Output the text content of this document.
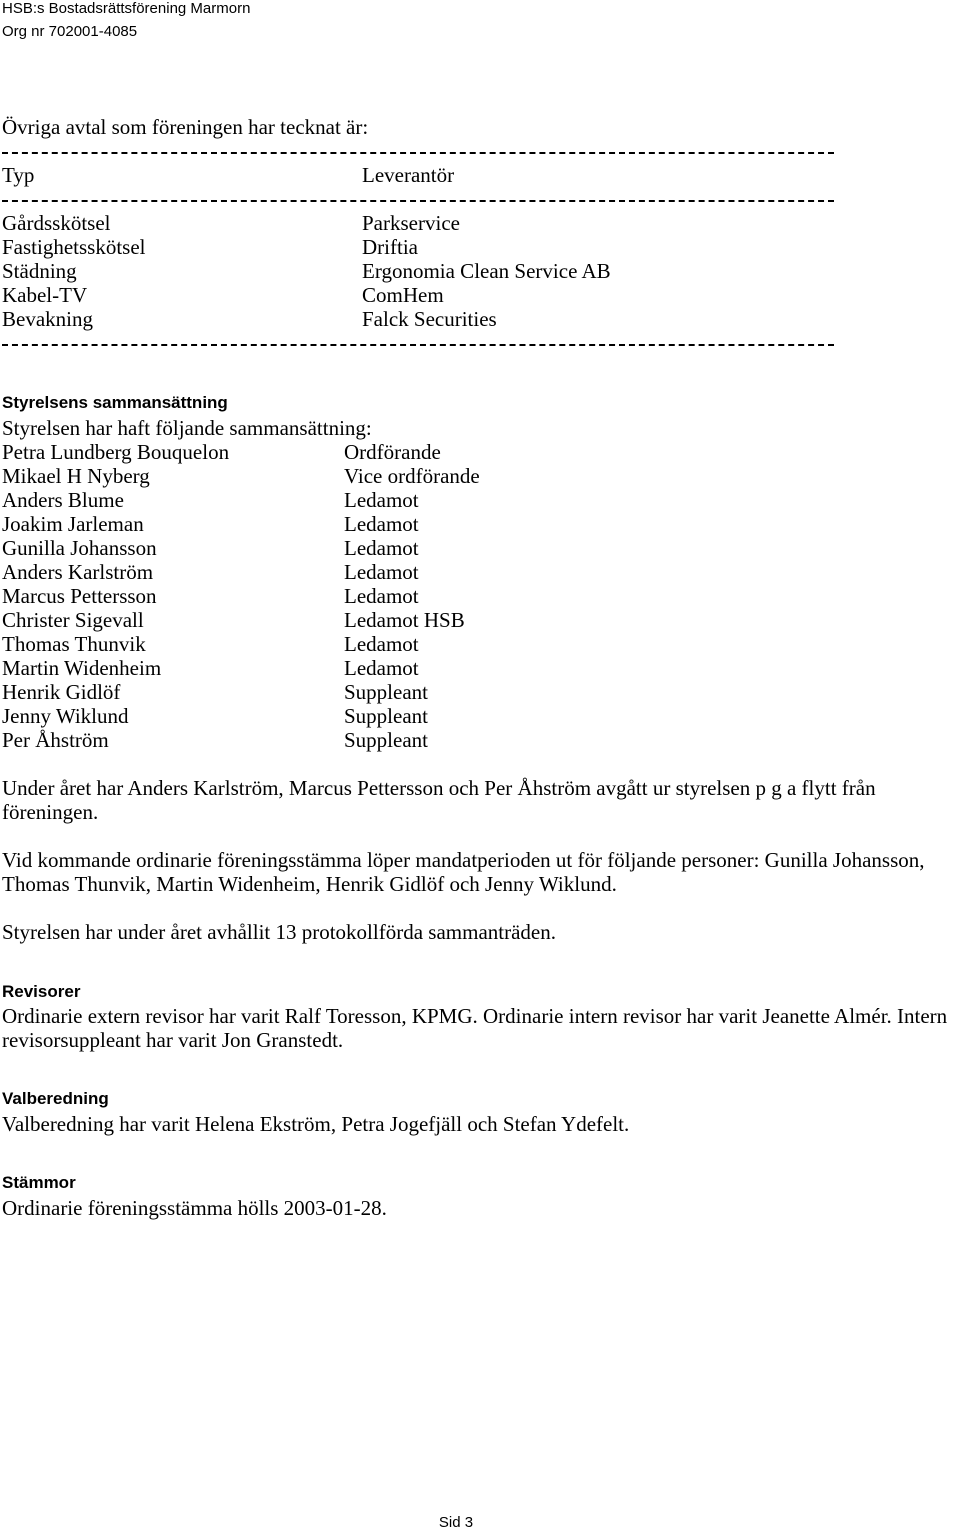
HSB:s Bostadsrättsförening Marmorn
Org nr 702001-4085
Övriga avtal som föreningen har tecknat är:
Typ	Leverantör
Gårdsskötsel	Parkservice
Fastighetsskötsel	Driftia
Städning	Ergonomia Clean Service AB
Kabel-TV	ComHem
Bevakning	Falck Securities
Styrelsens sammansättning
Styrelsen har haft följande sammansättning:
Petra Lundberg Bouquelon	Ordförande
Mikael H Nyberg	Vice ordförande
Anders Blume	Ledamot
Joakim Jarleman	Ledamot
Gunilla Johansson	Ledamot
Anders Karlström	Ledamot
Marcus Pettersson	Ledamot
Christer Sigevall	Ledamot HSB
Thomas Thunvik	Ledamot
Martin Widenheim	Ledamot
Henrik Gidlöf	Suppleant
Jenny Wiklund	Suppleant
Per Åhström	Suppleant
Under året har Anders Karlström, Marcus Pettersson och Per Åhström avgått ur styrelsen p g a flytt från föreningen.
Vid kommande ordinarie föreningsstämma löper mandatperioden ut för följande personer: Gunilla Johansson, Thomas Thunvik, Martin Widenheim, Henrik Gidlöf och Jenny Wiklund.
Styrelsen har under året avhållit 13 protokollförda sammanträden.
Revisorer
Ordinarie extern revisor har varit Ralf Toresson, KPMG. Ordinarie intern revisor har varit Jeanette Almér. Intern revisorsuppleant har varit Jon Granstedt.
Valberedning
Valberedning har varit Helena Ekström, Petra Jogefjäll och Stefan Ydefelt.
Stämmor
Ordinarie föreningsstämma hölls 2003-01-28.
Sid 3
